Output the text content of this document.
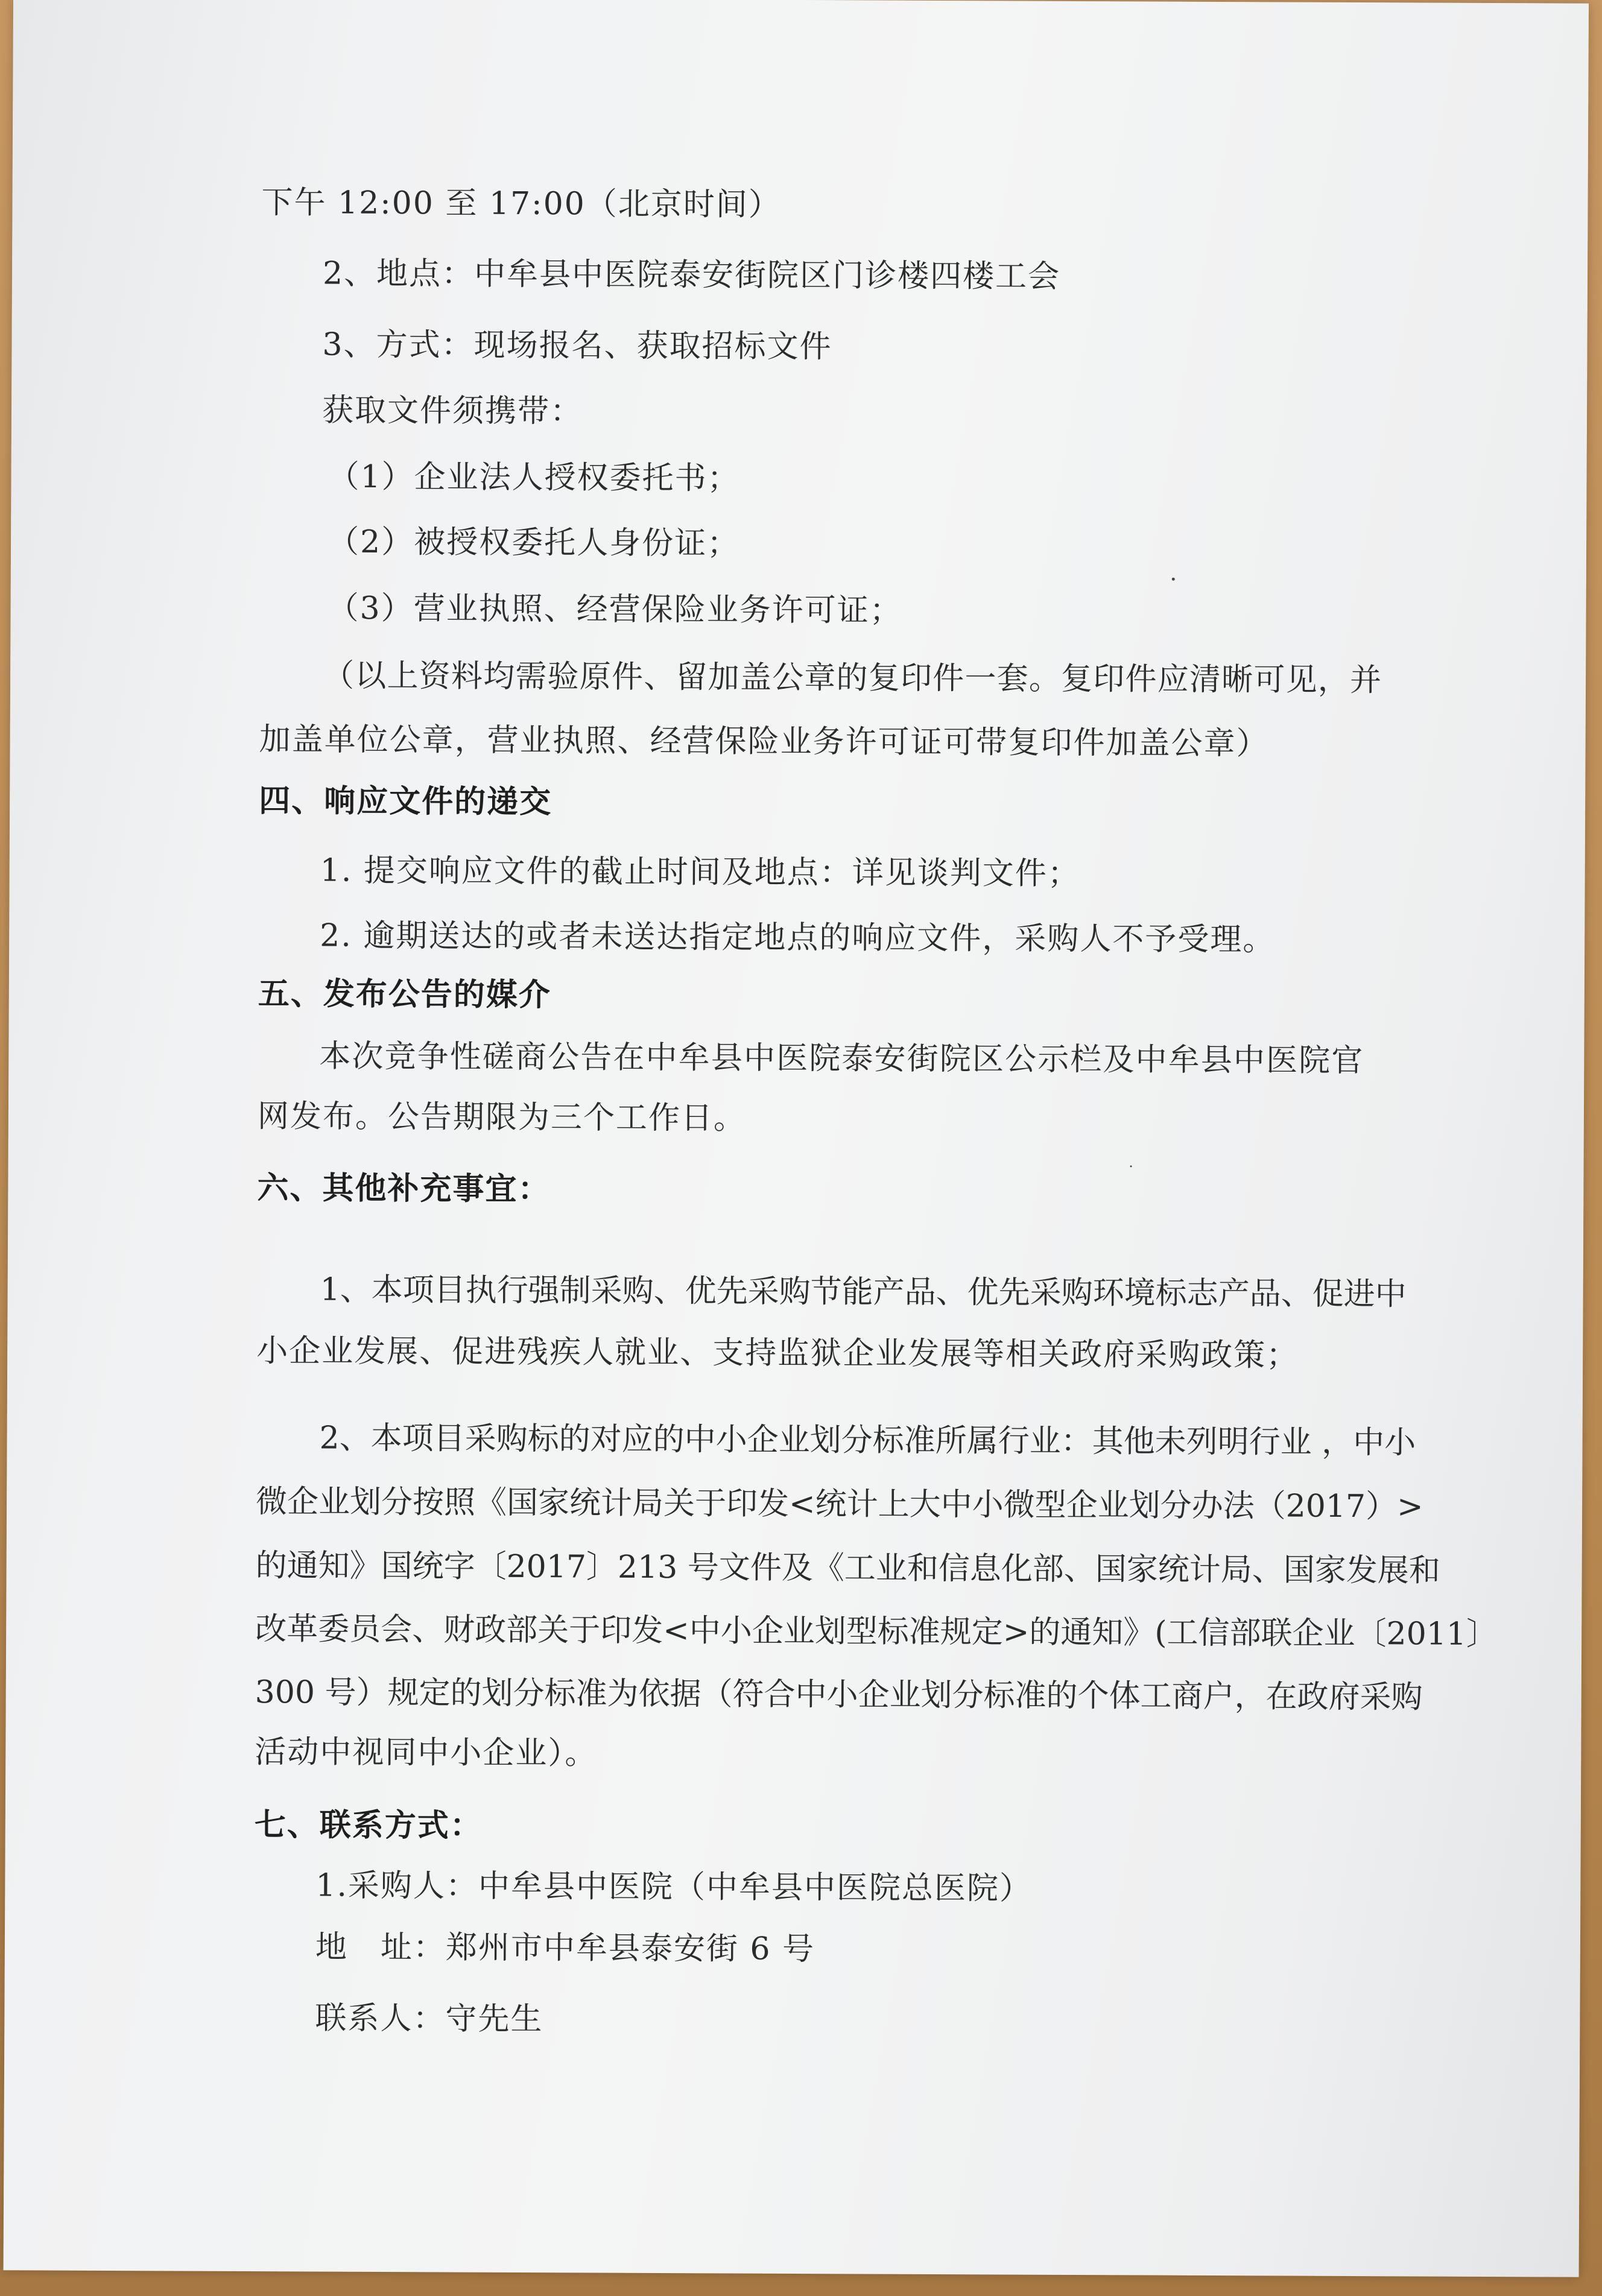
下午 12:00 至 17:00（北京时间）
2、地点：中牟县中医院泰安街院区门诊楼四楼工会
3、方式：现场报名、获取招标文件
获取文件须携带：
（1）企业法人授权委托书；
（2）被授权委托人身份证；
（3）营业执照、经营保险业务许可证；
（以上资料均需验原件、留加盖公章的复印件一套。复印件应清晰可见，并
加盖单位公章，营业执照、经营保险业务许可证可带复印件加盖公章）
四、响应文件的递交
1. 提交响应文件的截止时间及地点：详见谈判文件；
2. 逾期送达的或者未送达指定地点的响应文件，采购人不予受理。
五、发布公告的媒介
本次竞争性磋商公告在中牟县中医院泰安街院区公示栏及中牟县中医院官
网发布。公告期限为三个工作日。
六、其他补充事宜：
1、本项目执行强制采购、优先采购节能产品、优先采购环境标志产品、促进中
小企业发展、促进残疾人就业、支持监狱企业发展等相关政府采购政策；
2、本项目采购标的对应的中小企业划分标准所属行业：其他未列明行业 ，中小
微企业划分按照《国家统计局关于印发<统计上大中小微型企业划分办法（2017）>
的通知》国统字〔2017〕213 号文件及《工业和信息化部、国家统计局、国家发展和
改革委员会、财政部关于印发<中小企业划型标准规定>的通知》(工信部联企业〔2011〕
300 号）规定的划分标准为依据（符合中小企业划分标准的个体工商户，在政府采购
活动中视同中小企业）。
七、联系方式：
1.采购人：中牟县中医院（中牟县中医院总医院）
地　址：郑州市中牟县泰安街 6 号
联系人：守先生
